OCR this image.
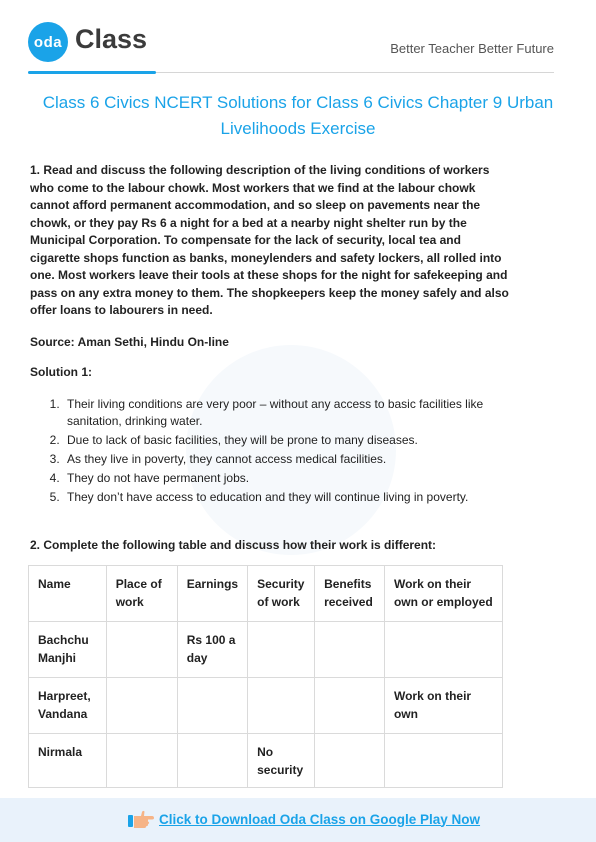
oda Class	Better Teacher Better Future
Class 6 Civics NCERT Solutions for Class 6 Civics Chapter 9 Urban Livelihoods Exercise

1. Read and discuss the following description of the living conditions of workers who come to the labour chowk. Most workers that we find at the labour chowk cannot afford permanent accommodation, and so sleep on pavements near the chowk, or they pay Rs 6 a night for a bed at a nearby night shelter run by the Municipal Corporation. To compensate for the lack of security, local tea and cigarette shops function as banks, moneylenders and safety lockers, all rolled into one. Most workers leave their tools at these shops for the night for safekeeping and pass on any extra money to them. The shopkeepers keep the money safely and also offer loans to labourers in need.

Source: Aman Sethi, Hindu On-line

Solution 1:

1. Their living conditions are very poor – without any access to basic facilities like sanitation, drinking water.
2. Due to lack of basic facilities, they will be prone to many diseases.
3. As they live in poverty, they cannot access medical facilities.
4. They do not have permanent jobs.
5. They don’t have access to education and they will continue living in poverty.

2. Complete the following table and discuss how their work is different:

Name	Place of work	Earnings	Security of work	Benefits received	Work on their own or employed
Bachchu Manjhi		Rs 100 a day			
Harpreet, Vandana					Work on their own
Nirmala			No security		
Click to Download Oda Class on Google Play Now
